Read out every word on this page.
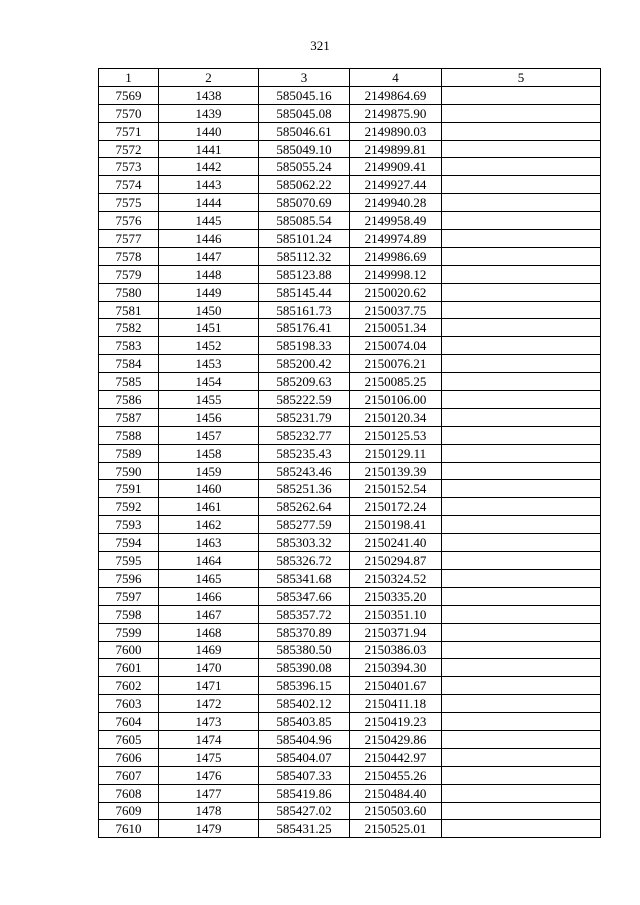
321
1	2	3	4	5
7569	1438	585045.16	2149864.69	
7570	1439	585045.08	2149875.90	
7571	1440	585046.61	2149890.03	
7572	1441	585049.10	2149899.81	
7573	1442	585055.24	2149909.41	
7574	1443	585062.22	2149927.44	
7575	1444	585070.69	2149940.28	
7576	1445	585085.54	2149958.49	
7577	1446	585101.24	2149974.89	
7578	1447	585112.32	2149986.69	
7579	1448	585123.88	2149998.12	
7580	1449	585145.44	2150020.62	
7581	1450	585161.73	2150037.75	
7582	1451	585176.41	2150051.34	
7583	1452	585198.33	2150074.04	
7584	1453	585200.42	2150076.21	
7585	1454	585209.63	2150085.25	
7586	1455	585222.59	2150106.00	
7587	1456	585231.79	2150120.34	
7588	1457	585232.77	2150125.53	
7589	1458	585235.43	2150129.11	
7590	1459	585243.46	2150139.39	
7591	1460	585251.36	2150152.54	
7592	1461	585262.64	2150172.24	
7593	1462	585277.59	2150198.41	
7594	1463	585303.32	2150241.40	
7595	1464	585326.72	2150294.87	
7596	1465	585341.68	2150324.52	
7597	1466	585347.66	2150335.20	
7598	1467	585357.72	2150351.10	
7599	1468	585370.89	2150371.94	
7600	1469	585380.50	2150386.03	
7601	1470	585390.08	2150394.30	
7602	1471	585396.15	2150401.67	
7603	1472	585402.12	2150411.18	
7604	1473	585403.85	2150419.23	
7605	1474	585404.96	2150429.86	
7606	1475	585404.07	2150442.97	
7607	1476	585407.33	2150455.26	
7608	1477	585419.86	2150484.40	
7609	1478	585427.02	2150503.60	
7610	1479	585431.25	2150525.01	
